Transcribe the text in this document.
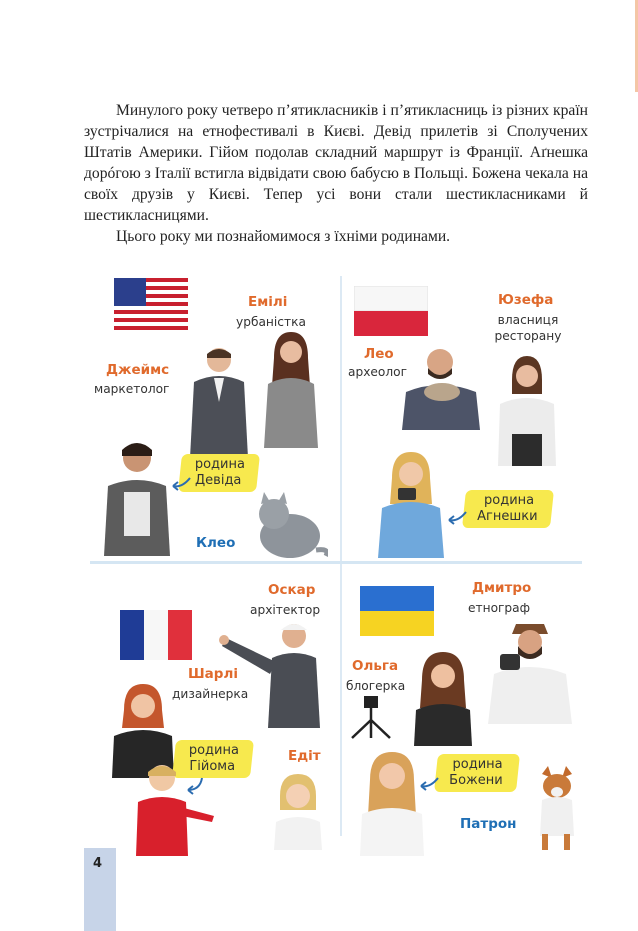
Минулого року четверо п’ятикласників і п’ятикласниць із різних країн зустрічалися на етнофестивалі в Києві. Девід прилетів зі Сполучених Штатів Америки. Гійом подолав складний маршрут із Франції. Аґнешка дорóгою з Італії встигла відвідати свою бабусю в Польщі. Божена чекала на своїх друзів у Києві. Тепер усі вони стали шестикласниками й шестикласницями.

Цього року ми познайомимося з їхніми родинами.

Емілі
урбаністка
Джеймс
маркетолог
родина
Девіда
Клео
Юзефа
власниця
ресторану
Лео
археолог
родина
Агнешки
Оскар
архітектор
Шарлі
дизайнерка
родина
Гійома
Едіт
Дмитро
етнограф
Ольга
блогерка
родина
Божени
Патрон
4
